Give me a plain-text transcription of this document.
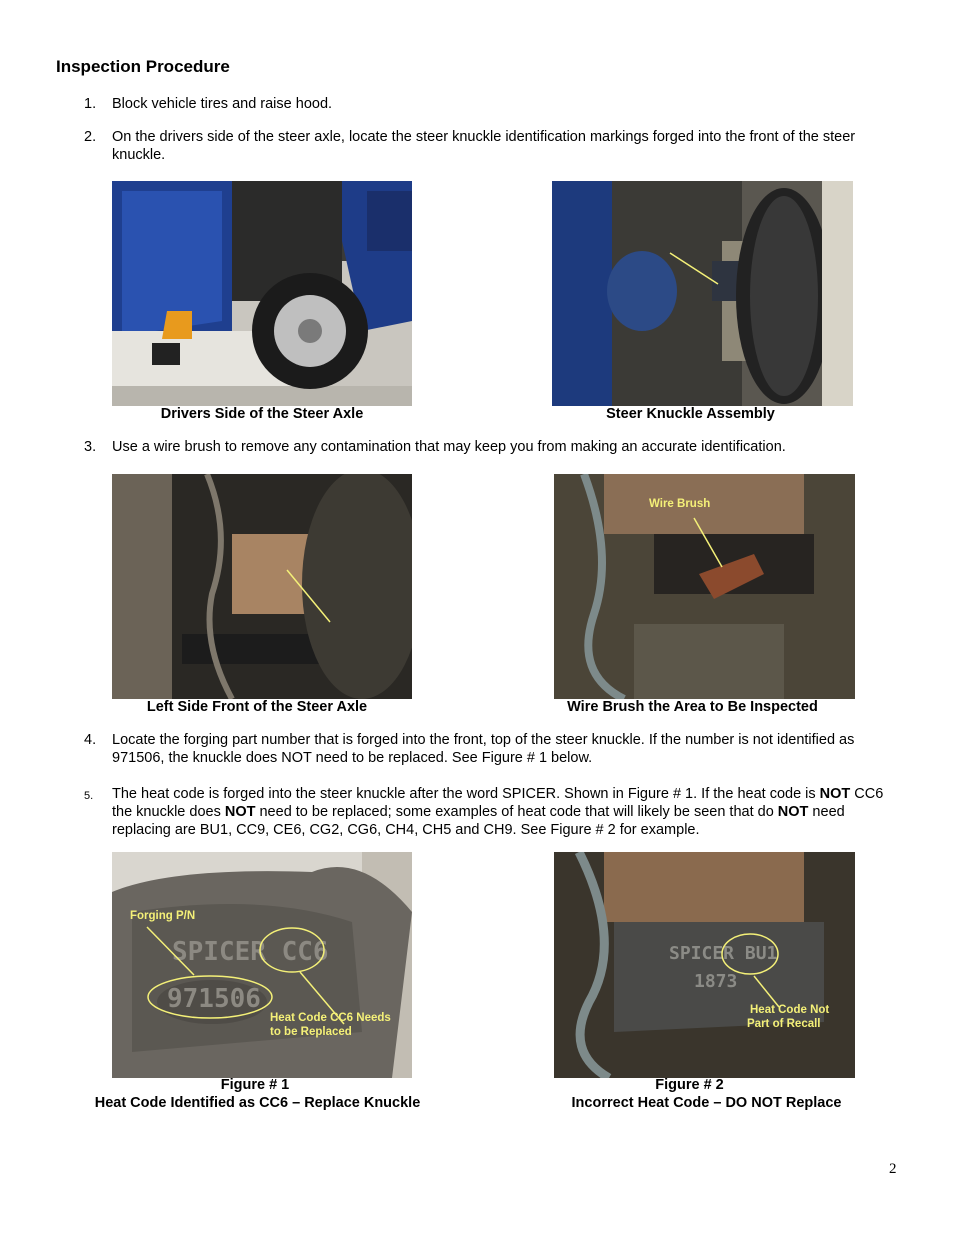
Inspection Procedure
1. Block vehicle tires and raise hood.
2. On the drivers side of the steer axle, locate the steer knuckle identification markings forged into the front of the steer knuckle.
Drivers Side of the Steer Axle	Steer Knuckle Assembly
3. Use a wire brush to remove any contamination that may keep you from making an accurate identification.
Left Side Front of the Steer Axle
Wire Brush
Wire Brush the Area to Be Inspected
4. Locate the forging part number that is forged into the front, top of the steer knuckle. If the number is not identified as 971506, the knuckle does NOT need to be replaced. See Figure # 1 below.
5. The heat code is forged into the steer knuckle after the word SPICER. Shown in Figure # 1. If the heat code is NOT CC6 the knuckle does NOT need to be replaced; some examples of heat code that will likely be seen that do NOT need replacing are BU1, CC9, CE6, CG2, CG6, CH4, CH5 and CH9. See Figure # 2 for example.
SPICER CC6
971506
Forging P/N
Heat Code CC6 Needs
to be Replaced
Figure # 1
Heat Code Identified as CC6 – Replace Knuckle
SPICER BU1
1873
Heat Code Not
Part of Recall
Figure # 2
Incorrect Heat Code – DO NOT Replace
2
